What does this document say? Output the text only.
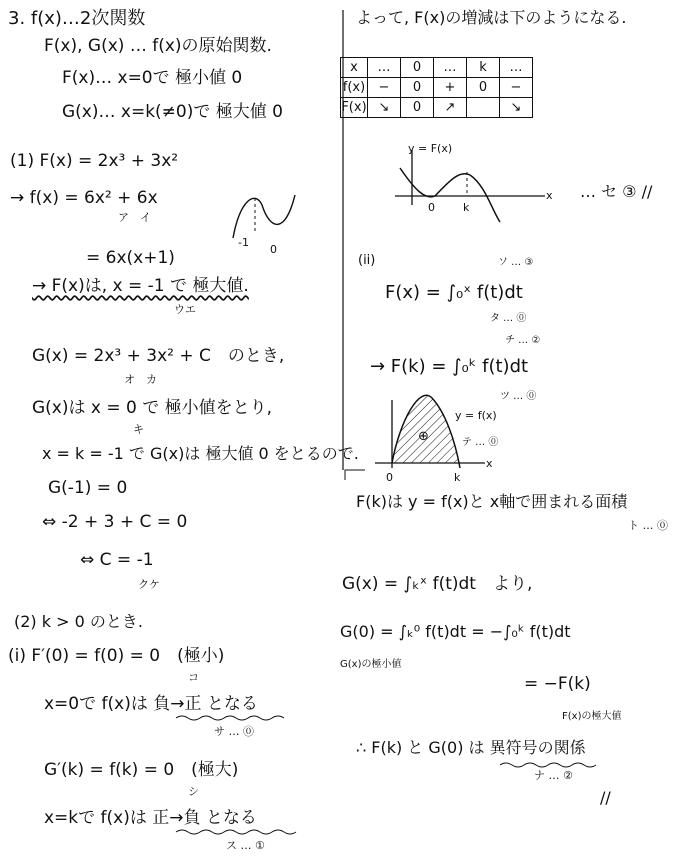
3. f(x)…2次関数
F(x), G(x) … f(x)の原始関数.
F(x)… x=0で 極小値 0
G(x)… x=k(≠0)で 極大値 0
(1) F(x) = 2x³ + 3x²
→ f(x) = 6x² + 6x
ア　イ
-1
0
= 6x(x+1)
→ F(x)は, x = -1 で 極大値.
ウエ
G(x) = 2x³ + 3x² + C　のとき,
オ　カ
G(x)は x = 0 で 極小値をとり,
キ
x = k = -1 で G(x)は 極大値 0 をとるので.
G(-1) = 0
⇔ -2 + 3 + C = 0
⇔ C = -1
クケ
(2) k > 0 のとき.
(i) F′(0) = f(0) = 0　(極小)
コ
x=0で f(x)は 負→正 となる
サ … ⓪
G′(k) = f(k) = 0　(極大)
シ
x=kで f(x)は 正→負 となる
ス … ①
よって, F(x)の増減は下のようになる.
x	…	0	…	k	…
f(x)	−	0	+	0	−
F(x)	↘	0	↗		↘
y = F(x)
0	k
x … セ ③ //
(ii)
F(x) = ∫₀ˣ f(t)dt
ソ … ③
タ … ⓪
→ F(k) = ∫₀ᵏ f(t)dt
チ … ②
ツ … ⓪
y = f(x)
テ … ⓪
⊕
0	k
x
F(k)は y = f(x)と x軸で囲まれる面積
ト … ⓪
G(x) = ∫ₖˣ f(t)dt　より,
G(0) = ∫ₖ⁰ f(t)dt = −∫₀ᵏ f(t)dt
G(x)の極小値
= −F(k)
F(x)の極大値
∴ F(k) と G(0) は 異符号の関係
ナ … ②
//
